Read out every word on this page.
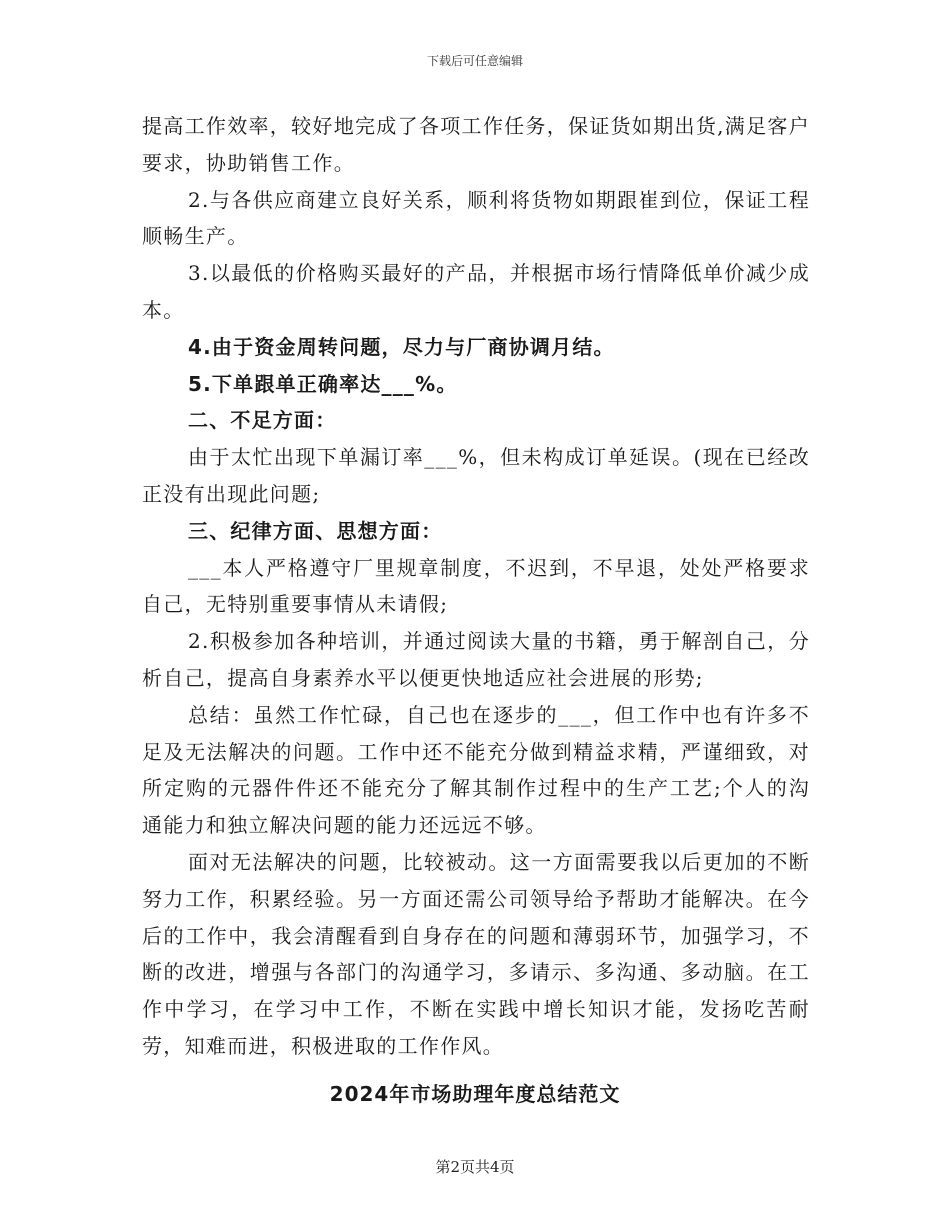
下载后可任意编辑

提高工作效率，较好地完成了各项工作任务，保证货如期出货,满足客户要求，协助销售工作。

2.与各供应商建立良好关系，顺利将货物如期跟崔到位，保证工程顺畅生产。

3.以最低的价格购买最好的产品，并根据市场行情降低单价减少成本。

4.由于资金周转问题，尽力与厂商协调月结。

5.下单跟单正确率达___%。

二、不足方面：

由于太忙出现下单漏订率___%，但未构成订单延误。(现在已经改正没有出现此问题;

三、纪律方面、思想方面：

___本人严格遵守厂里规章制度，不迟到，不早退，处处严格要求自己，无特别重要事情从未请假;

2.积极参加各种培训，并通过阅读大量的书籍，勇于解剖自己，分析自己，提高自身素养水平以便更快地适应社会进展的形势;

总结：虽然工作忙碌，自己也在逐步的___，但工作中也有许多不足及无法解决的问题。工作中还不能充分做到精益求精，严谨细致，对所定购的元器件件还不能充分了解其制作过程中的生产工艺;个人的沟通能力和独立解决问题的能力还远远不够。

面对无法解决的问题，比较被动。这一方面需要我以后更加的不断努力工作，积累经验。另一方面还需公司领导给予帮助才能解决。在今后的工作中，我会清醒看到自身存在的问题和薄弱环节，加强学习，不断的改进，增强与各部门的沟通学习，多请示、多沟通、多动脑。在工作中学习，在学习中工作，不断在实践中增长知识才能，发扬吃苦耐劳，知难而进，积极进取的工作作风。

2024年市场助理年度总结范文
第2页共4页
